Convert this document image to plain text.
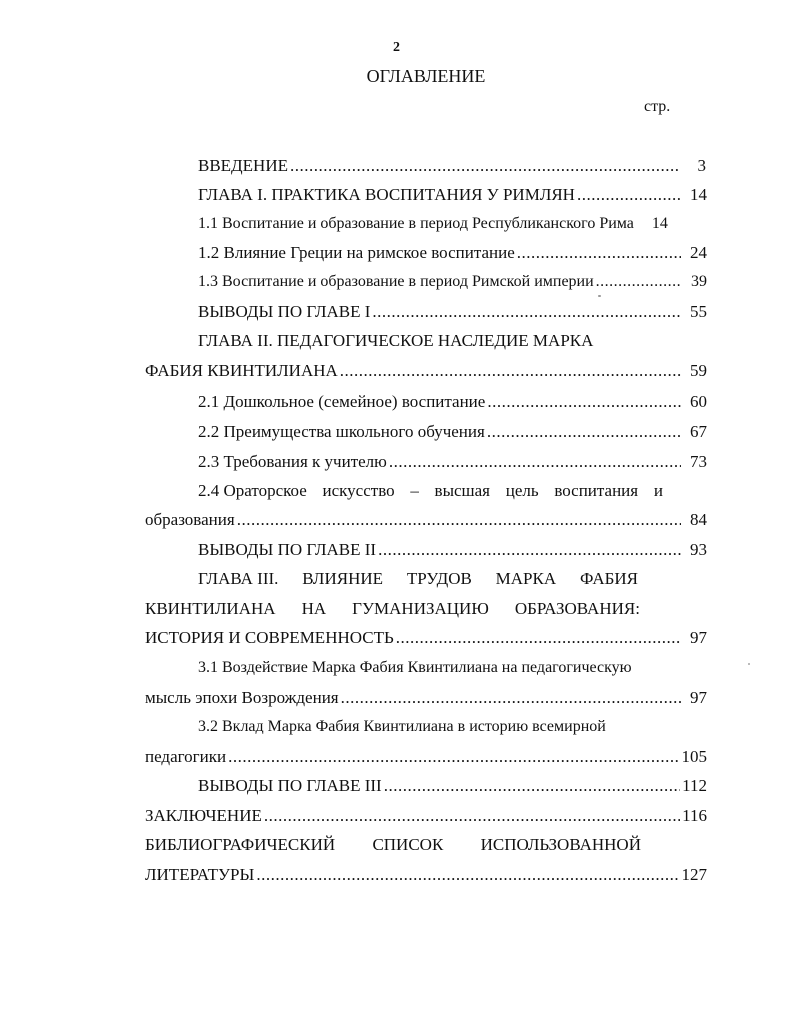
2
ОГЛАВЛЕНИЕ
стр.
ВВЕДЕНИЕ .....	3
ГЛАВА I. ПРАКТИКА ВОСПИТАНИЯ У РИМЛЯН .....	14
1.1 Воспитание и образование в период Республиканского Рима	14
1.2 Влияние Греции на римское воспитание .....	24
1.3 Воспитание и образование в период Римской империи .....	39
ВЫВОДЫ ПО ГЛАВЕ I .....	55
ГЛАВА II. ПЕДАГОГИЧЕСКОЕ НАСЛЕДИЕ МАРКА
ФАБИЯ КВИНТИЛИАНА .....	59
2.1 Дошкольное (семейное) воспитание .....	60
2.2 Преимущества школьного обучения .....	67
2.3 Требования к учителю .....	73
2.4 Ораторское искусство – высшая цель воспитания и
образования .....	84
ВЫВОДЫ ПО ГЛАВЕ II .....	93
ГЛАВА III. ВЛИЯНИЕ ТРУДОВ МАРКА ФАБИЯ
КВИНТИЛИАНА НА ГУМАНИЗАЦИЮ ОБРАЗОВАНИЯ:
ИСТОРИЯ И СОВРЕМЕННОСТЬ .....	97
3.1 Воздействие Марка Фабия Квинтилиана на педагогическую
мысль эпохи Возрождения .....	97
3.2 Вклад Марка Фабия Квинтилиана в историю всемирной
педагогики .....	105
ВЫВОДЫ ПО ГЛАВЕ III .....	112
ЗАКЛЮЧЕНИЕ .....	116
БИБЛИОГРАФИЧЕСКИЙ СПИСОК ИСПОЛЬЗОВАННОЙ
ЛИТЕРАТУРЫ .....	127
